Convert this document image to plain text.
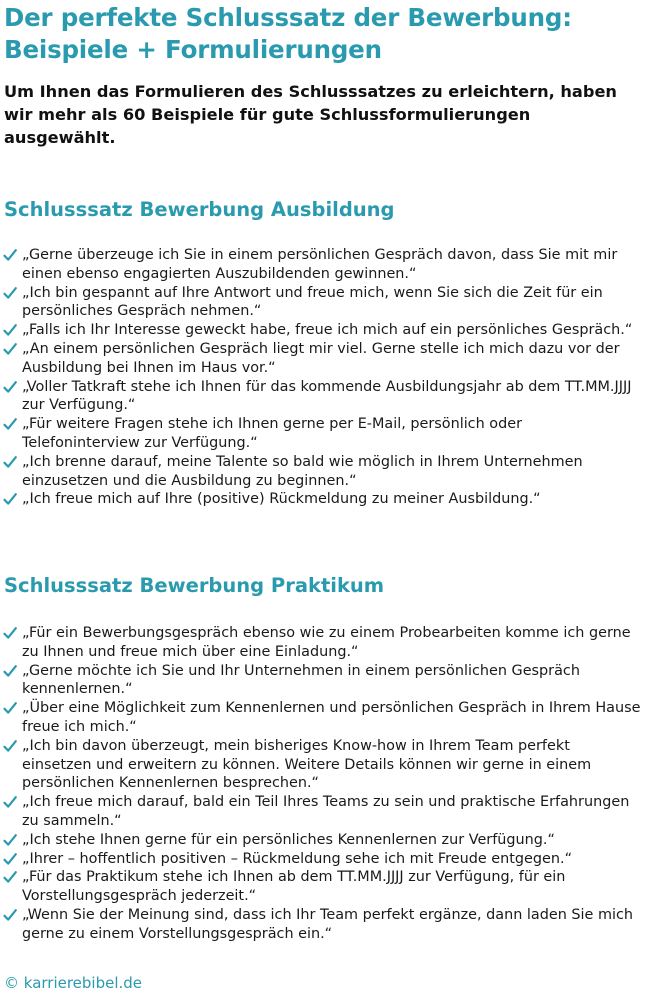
Der perfekte Schlusssatz der Bewerbung: Beispiele + Formulierungen

Um Ihnen das Formulieren des Schlusssatzes zu erleichtern, haben wir mehr als 60 Beispiele für gute Schlussformulierungen ausgewählt.

Schlusssatz Bewerbung Ausbildung
„Gerne überzeuge ich Sie in einem persönlichen Gespräch davon, dass Sie mit mir einen ebenso engagierten Auszubildenden gewinnen.“
„Ich bin gespannt auf Ihre Antwort und freue mich, wenn Sie sich die Zeit für ein persönliches Gespräch nehmen.“
„Falls ich Ihr Interesse geweckt habe, freue ich mich auf ein persönliches Gespräch.“
„An einem persönlichen Gespräch liegt mir viel. Gerne stelle ich mich dazu vor der Ausbildung bei Ihnen im Haus vor.“
„Voller Tatkraft stehe ich Ihnen für das kommende Ausbildungsjahr ab dem TT.MM.JJJJ zur Verfügung.“
„Für weitere Fragen stehe ich Ihnen gerne per E-Mail, persönlich oder Telefoninterview zur Verfügung.“
„Ich brenne darauf, meine Talente so bald wie möglich in Ihrem Unternehmen einzusetzen und die Ausbildung zu beginnen.“
„Ich freue mich auf Ihre (positive) Rückmeldung zu meiner Ausbildung.“
Schlusssatz Bewerbung Praktikum
„Für ein Bewerbungsgespräch ebenso wie zu einem Probearbeiten komme ich gerne zu Ihnen und freue mich über eine Einladung.“
„Gerne möchte ich Sie und Ihr Unternehmen in einem persönlichen Gespräch kennenlernen.“
„Über eine Möglichkeit zum Kennenlernen und persönlichen Gespräch in Ihrem Hause freue ich mich.“
„Ich bin davon überzeugt, mein bisheriges Know-how in Ihrem Team perfekt einsetzen und erweitern zu können. Weitere Details können wir gerne in einem persönlichen Kennenlernen besprechen.“
„Ich freue mich darauf, bald ein Teil Ihres Teams zu sein und praktische Erfahrungen zu sammeln.“
„Ich stehe Ihnen gerne für ein persönliches Kennenlernen zur Verfügung.“
„Ihrer – hoffentlich positiven – Rückmeldung sehe ich mit Freude entgegen.“
„Für das Praktikum stehe ich Ihnen ab dem TT.MM.JJJJ zur Verfügung, für ein Vorstellungsgespräch jederzeit.“
„Wenn Sie der Meinung sind, dass ich Ihr Team perfekt ergänze, dann laden Sie mich gerne zu einem Vorstellungsgespräch ein.“

© karrierebibel.de
